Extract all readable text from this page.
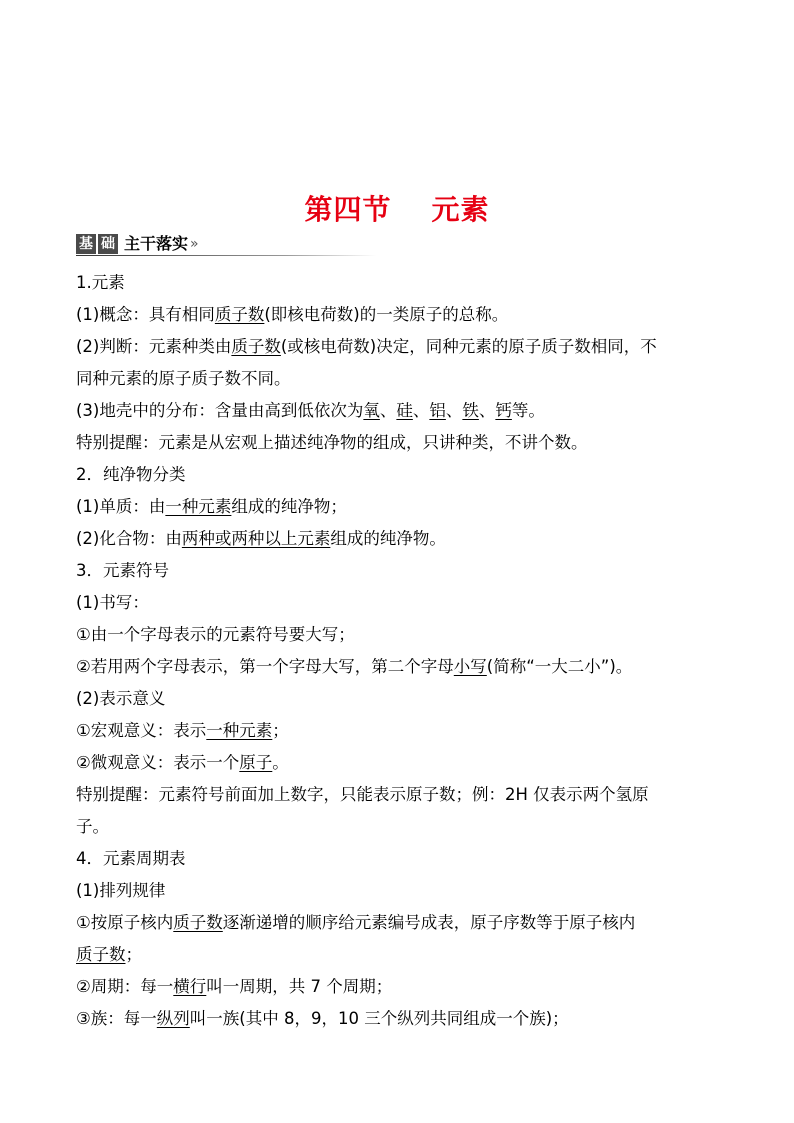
第四节 元素
基 础 主干落实 »
1.元素
(1)概念：具有相同质子数(即核电荷数)的一类原子的总称。
(2)判断：元素种类由质子数(或核电荷数)决定，同种元素的原子质子数相同，不
同种元素的原子质子数不同。
(3)地壳中的分布：含量由高到低依次为氧、硅、铝、铁、钙等。
特别提醒：元素是从宏观上描述纯净物的组成，只讲种类，不讲个数。
2．纯净物分类
(1)单质：由一种元素组成的纯净物；
(2)化合物：由两种或两种以上元素组成的纯净物。
3．元素符号
(1)书写：
①由一个字母表示的元素符号要大写；
②若用两个字母表示，第一个字母大写，第二个字母小写(简称“一大二小”)。
(2)表示意义
①宏观意义：表示一种元素；
②微观意义：表示一个原子。
特别提醒：元素符号前面加上数字，只能表示原子数；例：2H 仅表示两个氢原
子。
4．元素周期表
(1)排列规律
①按原子核内质子数逐渐递增的顺序给元素编号成表，原子序数等于原子核内
质子数；
②周期：每一横行叫一周期，共 7 个周期；
③族：每一纵列叫一族(其中 8，9，10 三个纵列共同组成一个族)；
